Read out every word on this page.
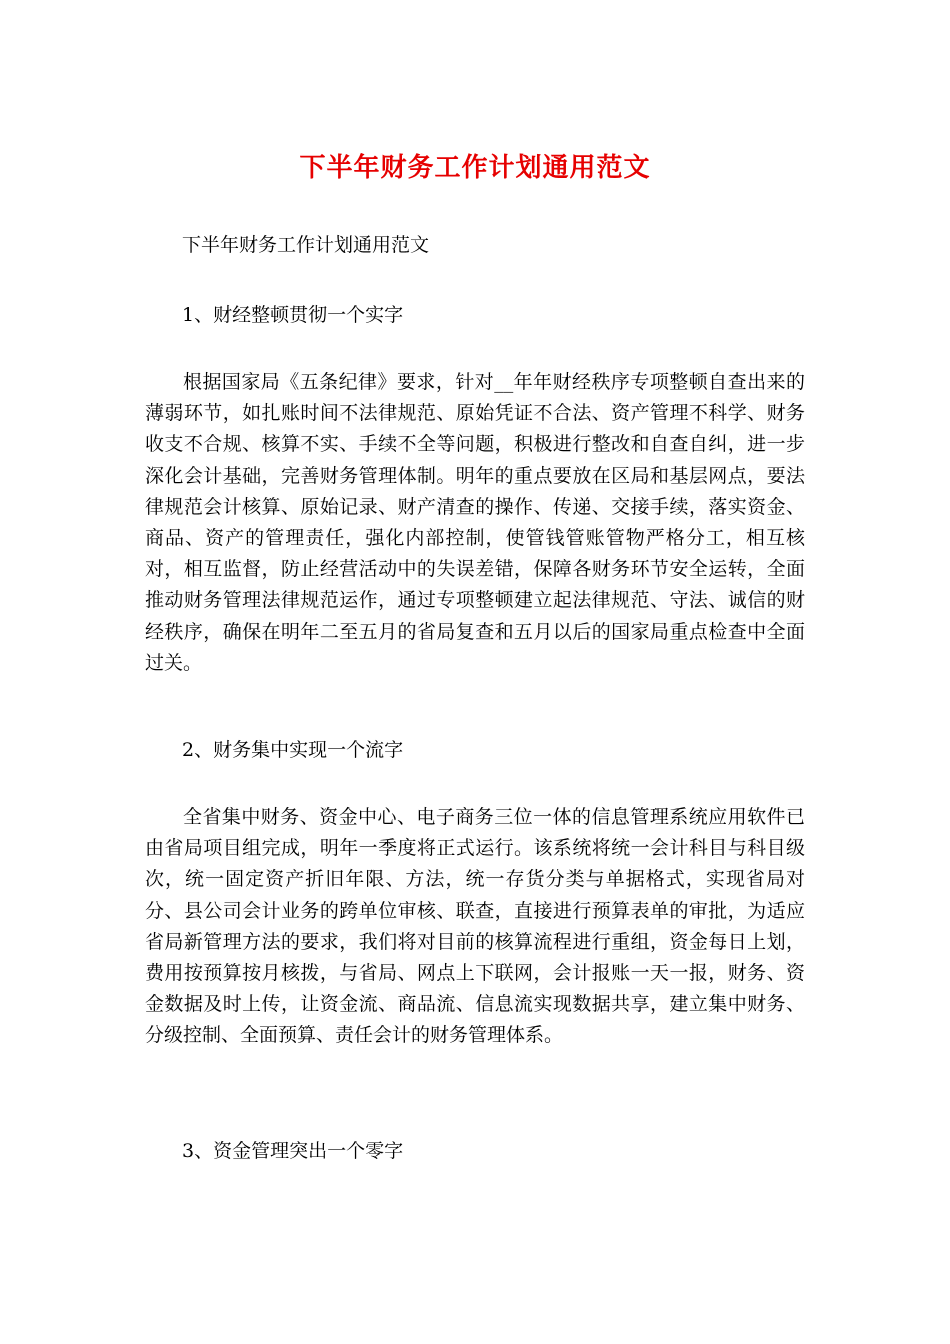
下半年财务工作计划通用范文
下半年财务工作计划通用范文
1、财经整顿贯彻一个实字
根据国家局《五条纪律》要求，针对__年年财经秩序专项整顿自查出来的薄弱环节，如扎账时间不法律规范、原始凭证不合法、资产管理不科学、财务收支不合规、核算不实、手续不全等问题，积极进行整改和自查自纠，进一步深化会计基础，完善财务管理体制。明年的重点要放在区局和基层网点，要法律规范会计核算、原始记录、财产清查的操作、传递、交接手续，落实资金、商品、资产的管理责任，强化内部控制，使管钱管账管物严格分工，相互核对，相互监督，防止经营活动中的失误差错，保障各财务环节安全运转，全面推动财务管理法律规范运作，通过专项整顿建立起法律规范、守法、诚信的财经秩序，确保在明年二至五月的省局复查和五月以后的国家局重点检查中全面过关。
2、财务集中实现一个流字
全省集中财务、资金中心、电子商务三位一体的信息管理系统应用软件已由省局项目组完成，明年一季度将正式运行。该系统将统一会计科目与科目级次，统一固定资产折旧年限、方法，统一存货分类与单据格式，实现省局对分、县公司会计业务的跨单位审核、联查，直接进行预算表单的审批，为适应省局新管理方法的要求，我们将对目前的核算流程进行重组，资金每日上划，费用按预算按月核拨，与省局、网点上下联网，会计报账一天一报，财务、资金数据及时上传，让资金流、商品流、信息流实现数据共享，建立集中财务、分级控制、全面预算、责任会计的财务管理体系。
3、资金管理突出一个零字
